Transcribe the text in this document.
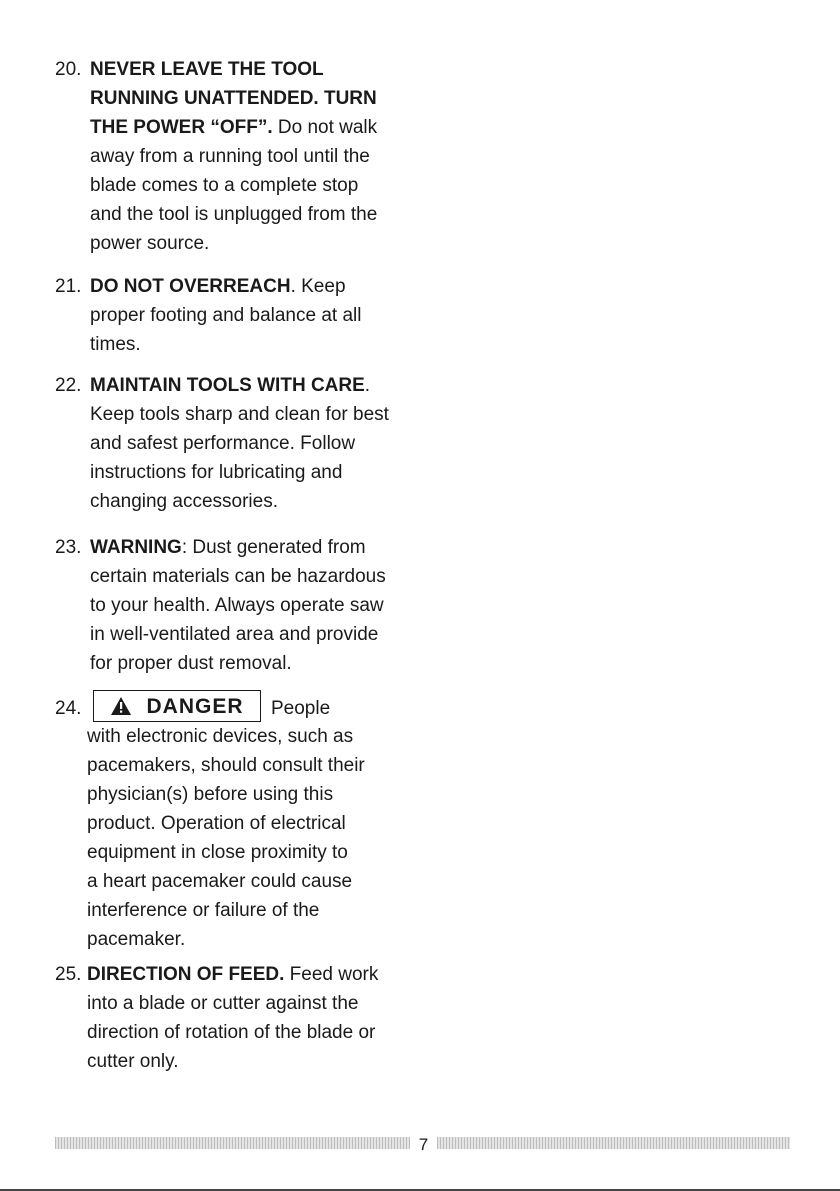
20. NEVER LEAVE THE TOOL
RUNNING UNATTENDED. TURN
THE POWER “OFF”. Do not walk
away from a running tool until the
blade comes to a complete stop
and the tool is unplugged from the
power source.
21. DO NOT OVERREACH. Keep
proper footing and balance at all
times.
22. MAINTAIN TOOLS WITH CARE.
Keep tools sharp and clean for best
and safest performance. Follow
instructions for lubricating and
changing accessories.
23. WARNING: Dust generated from
certain materials can be hazardous
to your health. Always operate saw
in well-ventilated area and provide
for proper dust removal.
24.	DANGER People
with electronic devices, such as
pacemakers, should consult their
physician(s) before using this
product. Operation of electrical
equipment in close proximity to
a heart pacemaker could cause
interference or failure of the
pacemaker.
25. DIRECTION OF FEED. Feed work
into a blade or cutter against the
direction of rotation of the blade or
cutter only.
7
